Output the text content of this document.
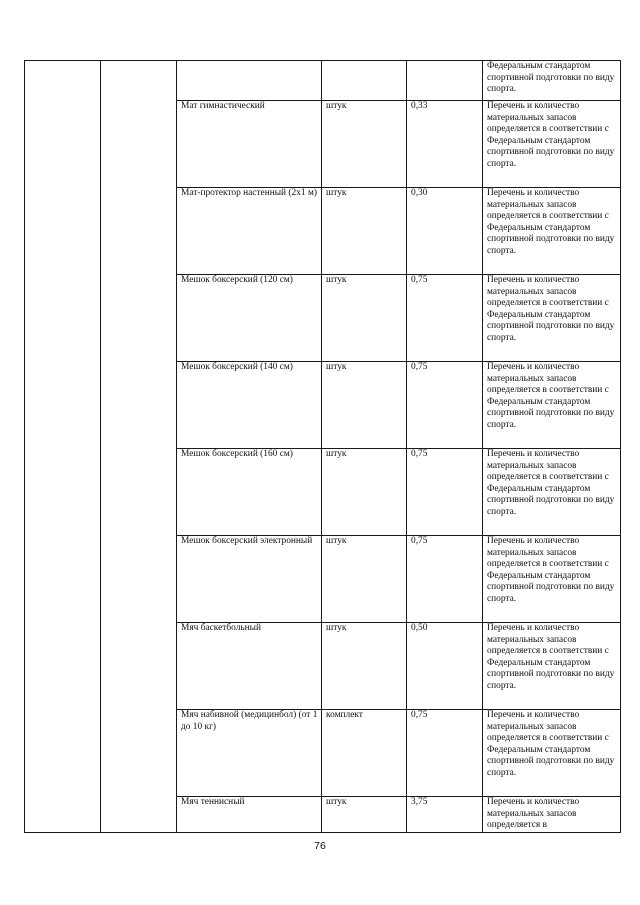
					Федеральным стандартом спортивной подготовки по виду спорта.
		Мат гимнастический	штук	0,33	Перечень и количество материальных запасов определяется в соответствии с Федеральным стандартом спортивной подготовки по виду спорта.
		Мат-протектор настенный (2х1 м)	штук	0,30	Перечень и количество материальных запасов определяется в соответствии с Федеральным стандартом спортивной подготовки по виду спорта.
		Мешок боксерский (120 см)	штук	0,75	Перечень и количество материальных запасов определяется в соответствии с Федеральным стандартом спортивной подготовки по виду спорта.
		Мешок боксерский (140 см)	штук	0,75	Перечень и количество материальных запасов определяется в соответствии с Федеральным стандартом спортивной подготовки по виду спорта.
		Мешок боксерский (160 см)	штук	0,75	Перечень и количество материальных запасов определяется в соответствии с Федеральным стандартом спортивной подготовки по виду спорта.
		Мешок боксерский электронный	штук	0,75	Перечень и количество материальных запасов определяется в соответствии с Федеральным стандартом спортивной подготовки по виду спорта.
		Мяч баскетбольный	штук	0,50	Перечень и количество материальных запасов определяется в соответствии с Федеральным стандартом спортивной подготовки по виду спорта.
		Мяч набивной (медицинбол) (от 1 до 10 кг)	комплект	0,75	Перечень и количество материальных запасов определяется в соответствии с Федеральным стандартом спортивной подготовки по виду спорта.
		Мяч теннисный	штук	3,75	Перечень и количество материальных запасов определяется в
76
